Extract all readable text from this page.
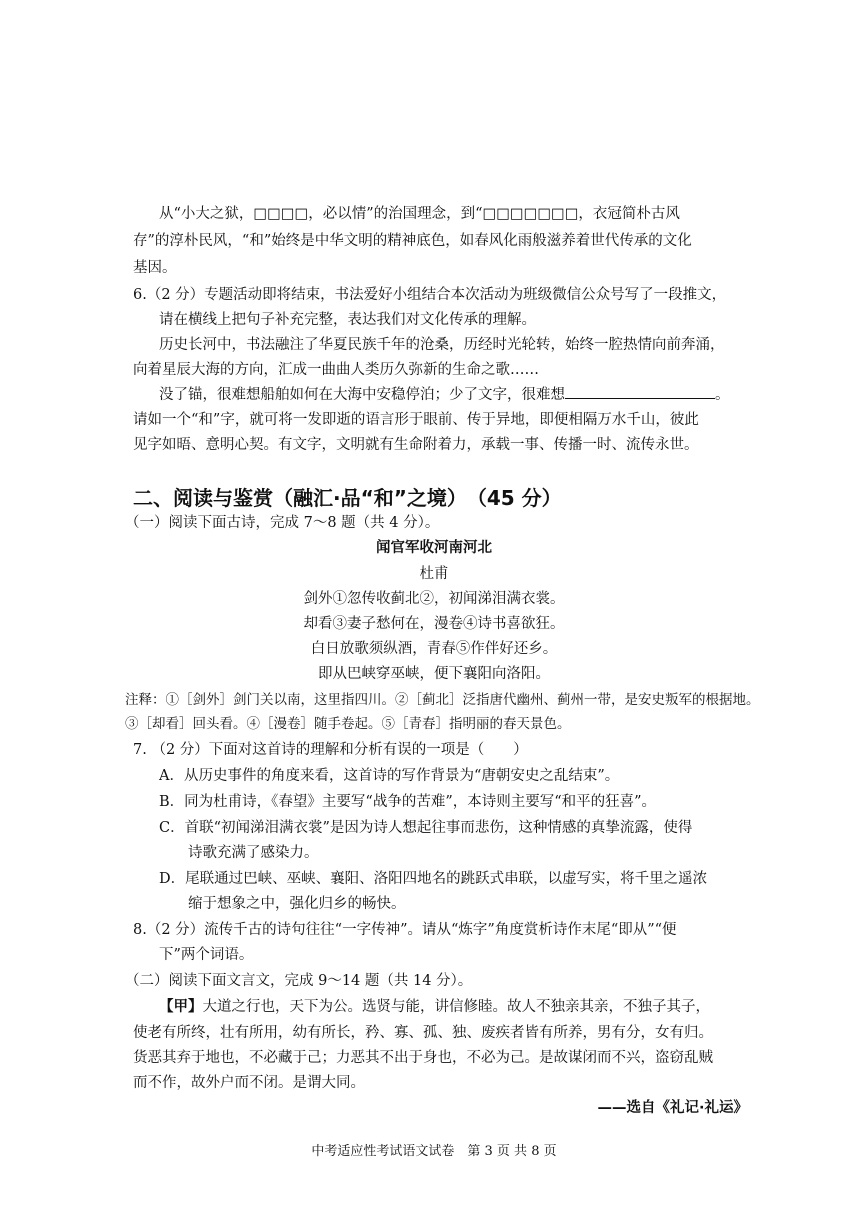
从“小大之狱，□□□□，必以情”的治国理念，到“□□□□□□□，衣冠简朴古风
存”的淳朴民风，“和”始终是中华文明的精神底色，如春风化雨般滋养着世代传承的文化
基因。
6.（2 分）专题活动即将结束，书法爱好小组结合本次活动为班级微信公众号写了一段推文，
请在横线上把句子补充完整，表达我们对文化传承的理解。
历史长河中，书法融注了华夏民族千年的沧桑，历经时光轮转，始终一腔热情向前奔涌，
向着星辰大海的方向，汇成一曲曲人类历久弥新的生命之歌……
没了锚，很难想船舶如何在大海中安稳停泊；少了文字，很难想	。
请如一个“和”字，就可将一发即逝的语言形于眼前、传于异地，即便相隔万水千山，彼此
见字如晤、意明心契。有文字，文明就有生命附着力，承载一事、传播一时、流传永世。
二、阅读与鉴赏（融汇·品“和”之境）　（45 分）
（一）阅读下面古诗，完成 7～8 题（共 4 分）。
闻官军收河南河北
杜甫
剑外①忽传收蓟北②，初闻涕泪满衣裳。
却看③妻子愁何在，漫卷④诗书喜欲狂。
白日放歌须纵酒，青春⑤作伴好还乡。
即从巴峡穿巫峡，便下襄阳向洛阳。
注释：①［剑外］剑门关以南，这里指四川。②［蓟北］泛指唐代幽州、蓟州一带，是安史叛军的根据地。
③［却看］回头看。④［漫卷］随手卷起。⑤［青春］指明丽的春天景色。
7. （2 分）下面对这首诗的理解和分析有误的一项是（　　）
A．从历史事件的角度来看，这首诗的写作背景为“唐朝安史之乱结束”。
B．同为杜甫诗，《春望》主要写“战争的苦难”，本诗则主要写“和平的狂喜”。
C．首联“初闻涕泪满衣裳”是因为诗人想起往事而悲伤，这种情感的真挚流露，使得
诗歌充满了感染力。
D．尾联通过巴峡、巫峡、襄阳、洛阳四地名的跳跃式串联，以虚写实，将千里之遥浓
缩于想象之中，强化归乡的畅快。
8.（2 分）流传千古的诗句往往“一字传神”。请从“炼字”角度赏析诗作末尾“即从”“便
下”两个词语。
（二）阅读下面文言文，完成 9～14 题（共 14 分）。
【甲】大道之行也，天下为公。选贤与能，讲信修睦。故人不独亲其亲，不独子其子，
使老有所终，壮有所用，幼有所长，矜、寡、孤、独、废疾者皆有所养，男有分，女有归。
货恶其弃于地也，不必藏于己；力恶其不出于身也，不必为己。是故谋闭而不兴，盗窃乱贼
而不作，故外户而不闭。是谓大同。
——选自《礼记·礼运》
中考适应性考试语文试卷　第 3 页 共 8 页
